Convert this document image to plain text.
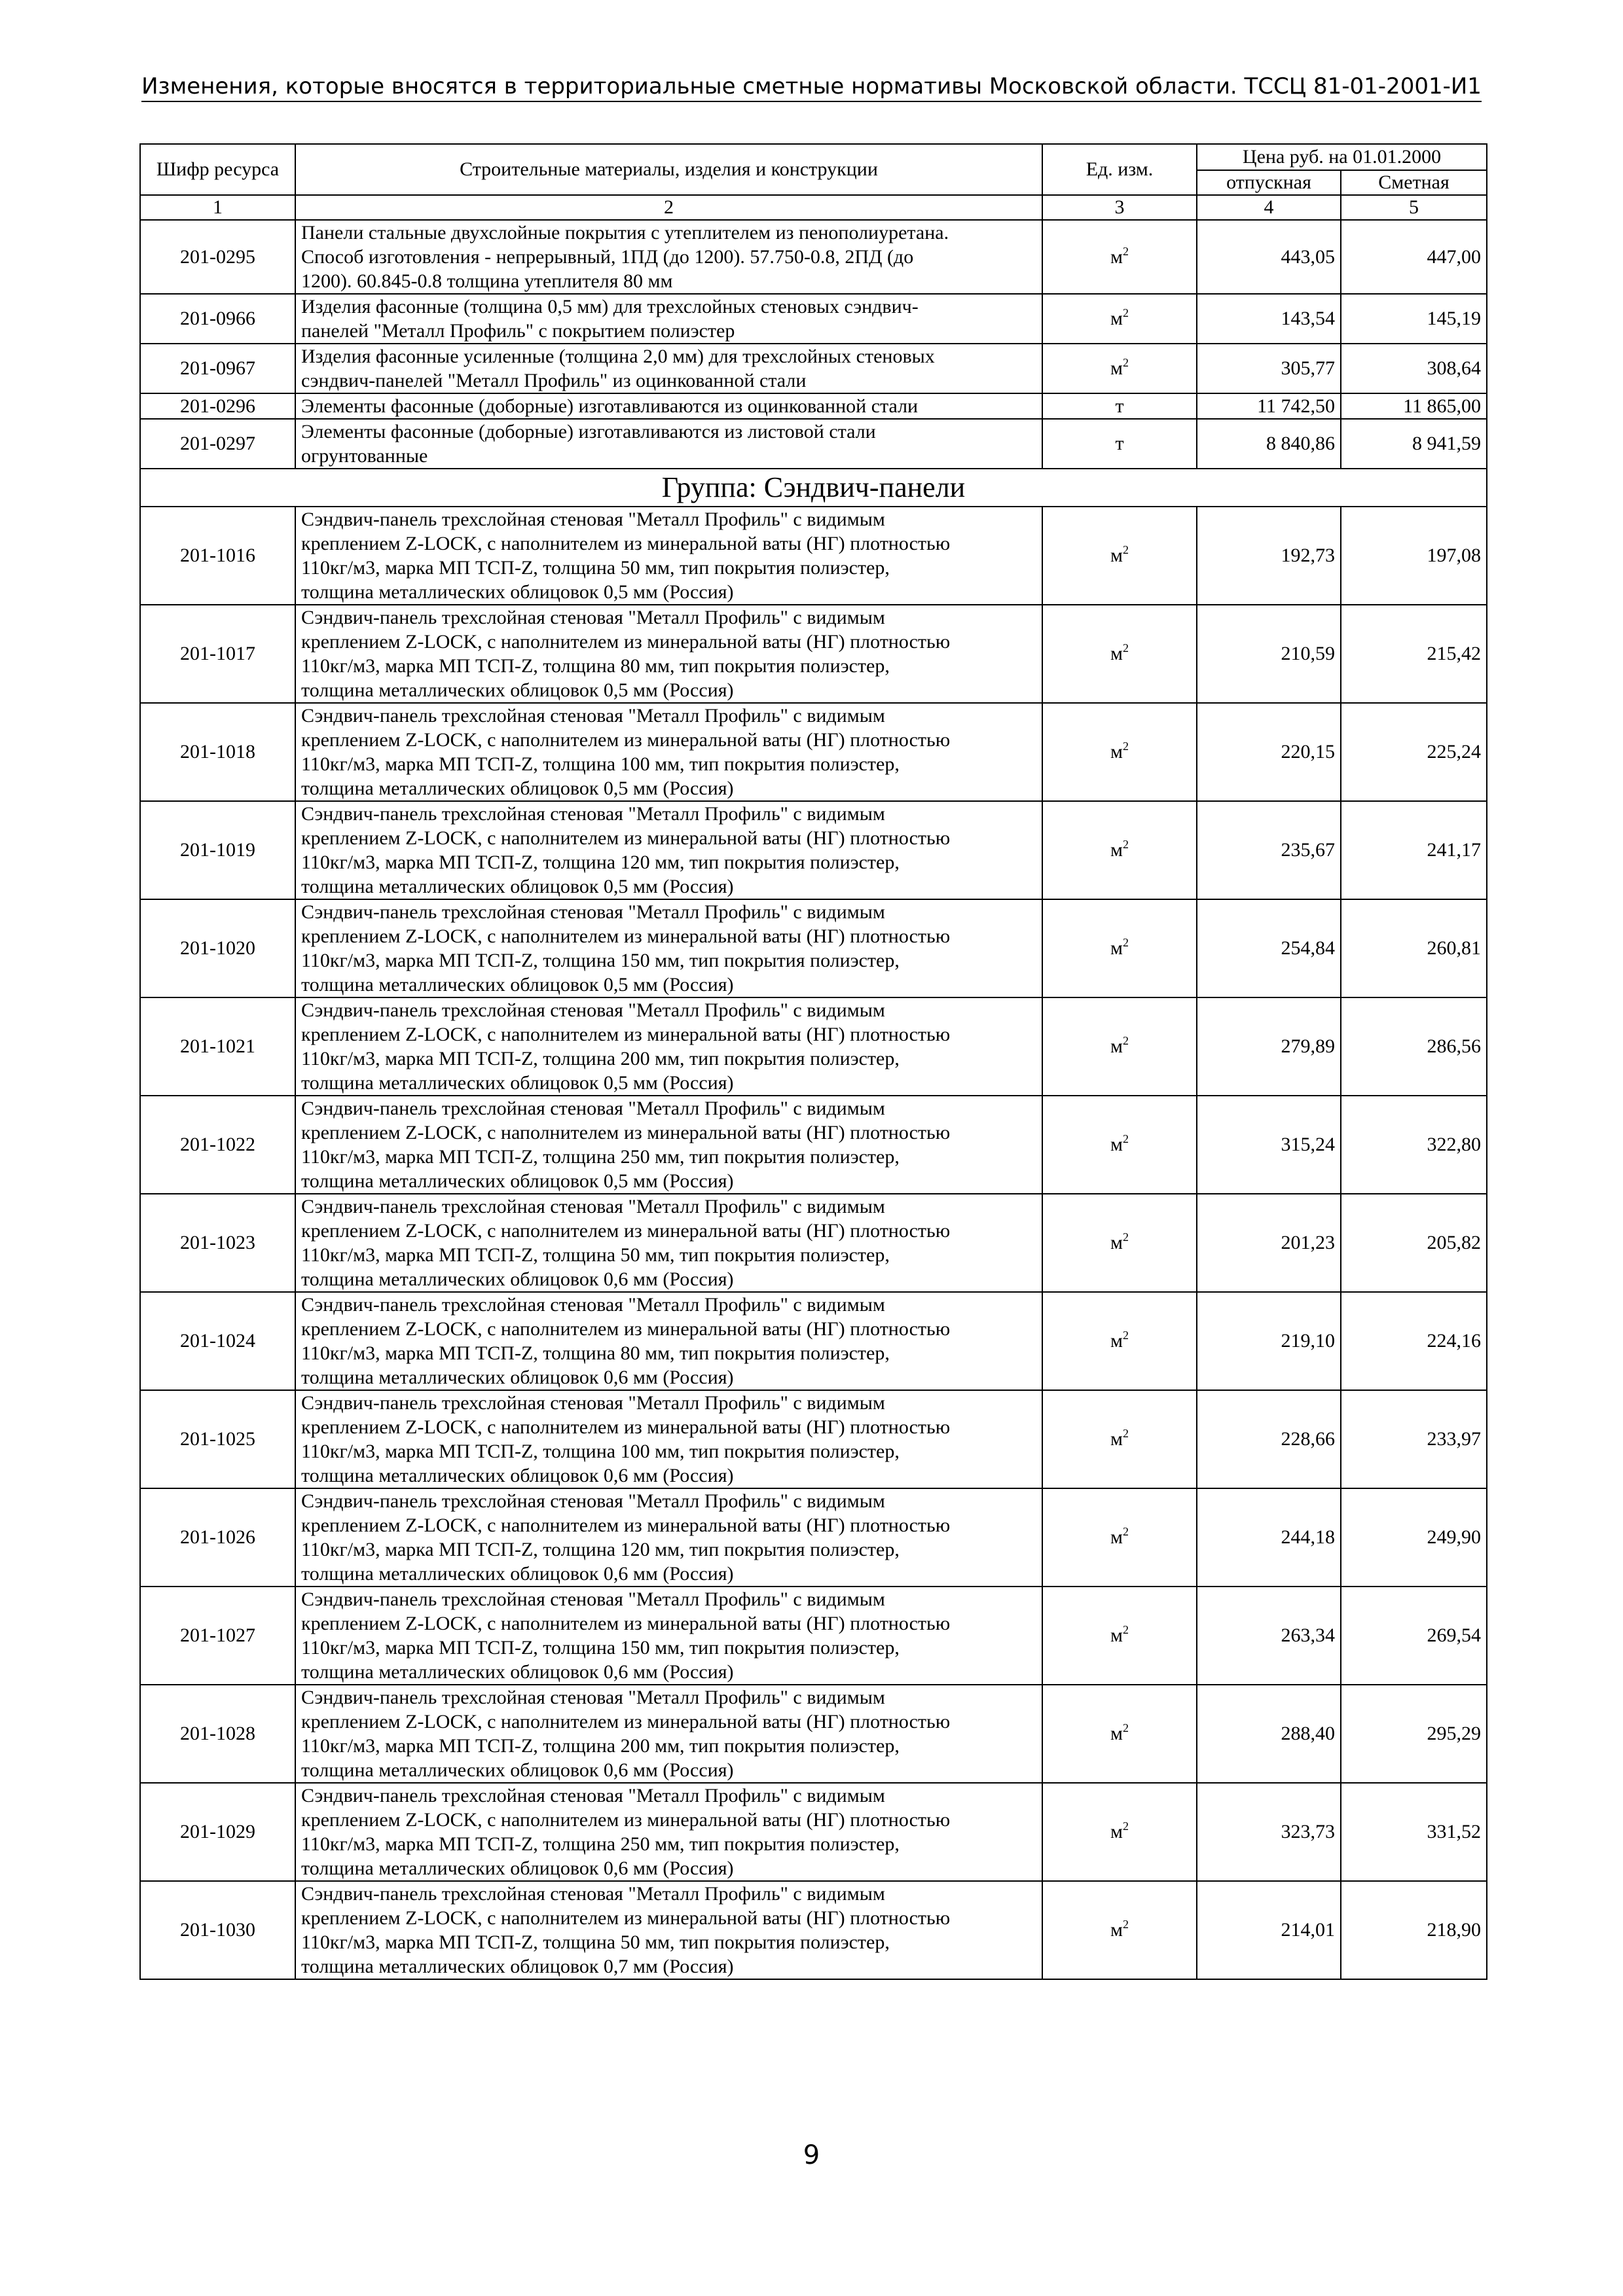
Изменения, которые вносятся в территориальные сметные нормативы Московской области. ТССЦ 81-01-2001-И1
Шифр ресурса	Строительные материалы, изделия и конструкции	Ед. изм.	Цена руб. на 01.01.2000	
			отпускная	Сметная
1	2	3	4	5
201-0295	Панели стальные двухслойные покрытия с утеплителем из пенополиуретана.
Способ изготовления - непрерывный, 1ПД (до 1200). 57.750-0.8, 2ПД (до
1200). 60.845-0.8 толщина утеплителя 80 мм	$м^2$	443,05	447,00
201-0966	Изделия фасонные (толщина 0,5 мм) для трехслойных стеновых сэндвич-
панелей "Металл Профиль" с покрытием полиэстер	$м^2$	143,54	145,19
201-0967	Изделия фасонные усиленные (толщина 2,0 мм) для трехслойных стеновых
сэндвич-панелей "Металл Профиль" из оцинкованной стали	$м^2$	305,77	308,64
201-0296	Элементы фасонные (доборные) изготавливаются из оцинкованной стали	т	11 742,50	11 865,00
201-0297	Элементы фасонные (доборные) изготавливаются из листовой стали
огрунтованные	т	8 840,86	8 941,59
Группа: Сэндвич-панели				
201-1016	Сэндвич-панель трехслойная стеновая "Металл Профиль" с видимым
креплением Z-LOCK, с наполнителем из минеральной ваты (НГ) плотностью
110кг/м3, марка МП ТСП-Z, толщина 50 мм, тип покрытия полиэстер,
толщина металлических облицовок 0,5 мм (Россия)	$м^2$	192,73	197,08
201-1017	Сэндвич-панель трехслойная стеновая "Металл Профиль" с видимым
креплением Z-LOCK, с наполнителем из минеральной ваты (НГ) плотностью
110кг/м3, марка МП ТСП-Z, толщина 80 мм, тип покрытия полиэстер,
толщина металлических облицовок 0,5 мм (Россия)	$м^2$	210,59	215,42
201-1018	Сэндвич-панель трехслойная стеновая "Металл Профиль" с видимым
креплением Z-LOCK, с наполнителем из минеральной ваты (НГ) плотностью
110кг/м3, марка МП ТСП-Z, толщина 100 мм, тип покрытия полиэстер,
толщина металлических облицовок 0,5 мм (Россия)	$м^2$	220,15	225,24
201-1019	Сэндвич-панель трехслойная стеновая "Металл Профиль" с видимым
креплением Z-LOCK, с наполнителем из минеральной ваты (НГ) плотностью
110кг/м3, марка МП ТСП-Z, толщина 120 мм, тип покрытия полиэстер,
толщина металлических облицовок 0,5 мм (Россия)	$м^2$	235,67	241,17
201-1020	Сэндвич-панель трехслойная стеновая "Металл Профиль" с видимым
креплением Z-LOCK, с наполнителем из минеральной ваты (НГ) плотностью
110кг/м3, марка МП ТСП-Z, толщина 150 мм, тип покрытия полиэстер,
толщина металлических облицовок 0,5 мм (Россия)	$м^2$	254,84	260,81
201-1021	Сэндвич-панель трехслойная стеновая "Металл Профиль" с видимым
креплением Z-LOCK, с наполнителем из минеральной ваты (НГ) плотностью
110кг/м3, марка МП ТСП-Z, толщина 200 мм, тип покрытия полиэстер,
толщина металлических облицовок 0,5 мм (Россия)	$м^2$	279,89	286,56
201-1022	Сэндвич-панель трехслойная стеновая "Металл Профиль" с видимым
креплением Z-LOCK, с наполнителем из минеральной ваты (НГ) плотностью
110кг/м3, марка МП ТСП-Z, толщина 250 мм, тип покрытия полиэстер,
толщина металлических облицовок 0,5 мм (Россия)	$м^2$	315,24	322,80
201-1023	Сэндвич-панель трехслойная стеновая "Металл Профиль" с видимым
креплением Z-LOCK, с наполнителем из минеральной ваты (НГ) плотностью
110кг/м3, марка МП ТСП-Z, толщина 50 мм, тип покрытия полиэстер,
толщина металлических облицовок 0,6 мм (Россия)	$м^2$	201,23	205,82
201-1024	Сэндвич-панель трехслойная стеновая "Металл Профиль" с видимым
креплением Z-LOCK, с наполнителем из минеральной ваты (НГ) плотностью
110кг/м3, марка МП ТСП-Z, толщина 80 мм, тип покрытия полиэстер,
толщина металлических облицовок 0,6 мм (Россия)	$м^2$	219,10	224,16
201-1025	Сэндвич-панель трехслойная стеновая "Металл Профиль" с видимым
креплением Z-LOCK, с наполнителем из минеральной ваты (НГ) плотностью
110кг/м3, марка МП ТСП-Z, толщина 100 мм, тип покрытия полиэстер,
толщина металлических облицовок 0,6 мм (Россия)	$м^2$	228,66	233,97
201-1026	Сэндвич-панель трехслойная стеновая "Металл Профиль" с видимым
креплением Z-LOCK, с наполнителем из минеральной ваты (НГ) плотностью
110кг/м3, марка МП ТСП-Z, толщина 120 мм, тип покрытия полиэстер,
толщина металлических облицовок 0,6 мм (Россия)	$м^2$	244,18	249,90
201-1027	Сэндвич-панель трехслойная стеновая "Металл Профиль" с видимым
креплением Z-LOCK, с наполнителем из минеральной ваты (НГ) плотностью
110кг/м3, марка МП ТСП-Z, толщина 150 мм, тип покрытия полиэстер,
толщина металлических облицовок 0,6 мм (Россия)	$м^2$	263,34	269,54
201-1028	Сэндвич-панель трехслойная стеновая "Металл Профиль" с видимым
креплением Z-LOCK, с наполнителем из минеральной ваты (НГ) плотностью
110кг/м3, марка МП ТСП-Z, толщина 200 мм, тип покрытия полиэстер,
толщина металлических облицовок 0,6 мм (Россия)	$м^2$	288,40	295,29
201-1029	Сэндвич-панель трехслойная стеновая "Металл Профиль" с видимым
креплением Z-LOCK, с наполнителем из минеральной ваты (НГ) плотностью
110кг/м3, марка МП ТСП-Z, толщина 250 мм, тип покрытия полиэстер,
толщина металлических облицовок 0,6 мм (Россия)	$м^2$	323,73	331,52
201-1030	Сэндвич-панель трехслойная стеновая "Металл Профиль" с видимым
креплением Z-LOCK, с наполнителем из минеральной ваты (НГ) плотностью
110кг/м3, марка МП ТСП-Z, толщина 50 мм, тип покрытия полиэстер,
толщина металлических облицовок 0,7 мм (Россия)	$м^2$	214,01	218,90
9
